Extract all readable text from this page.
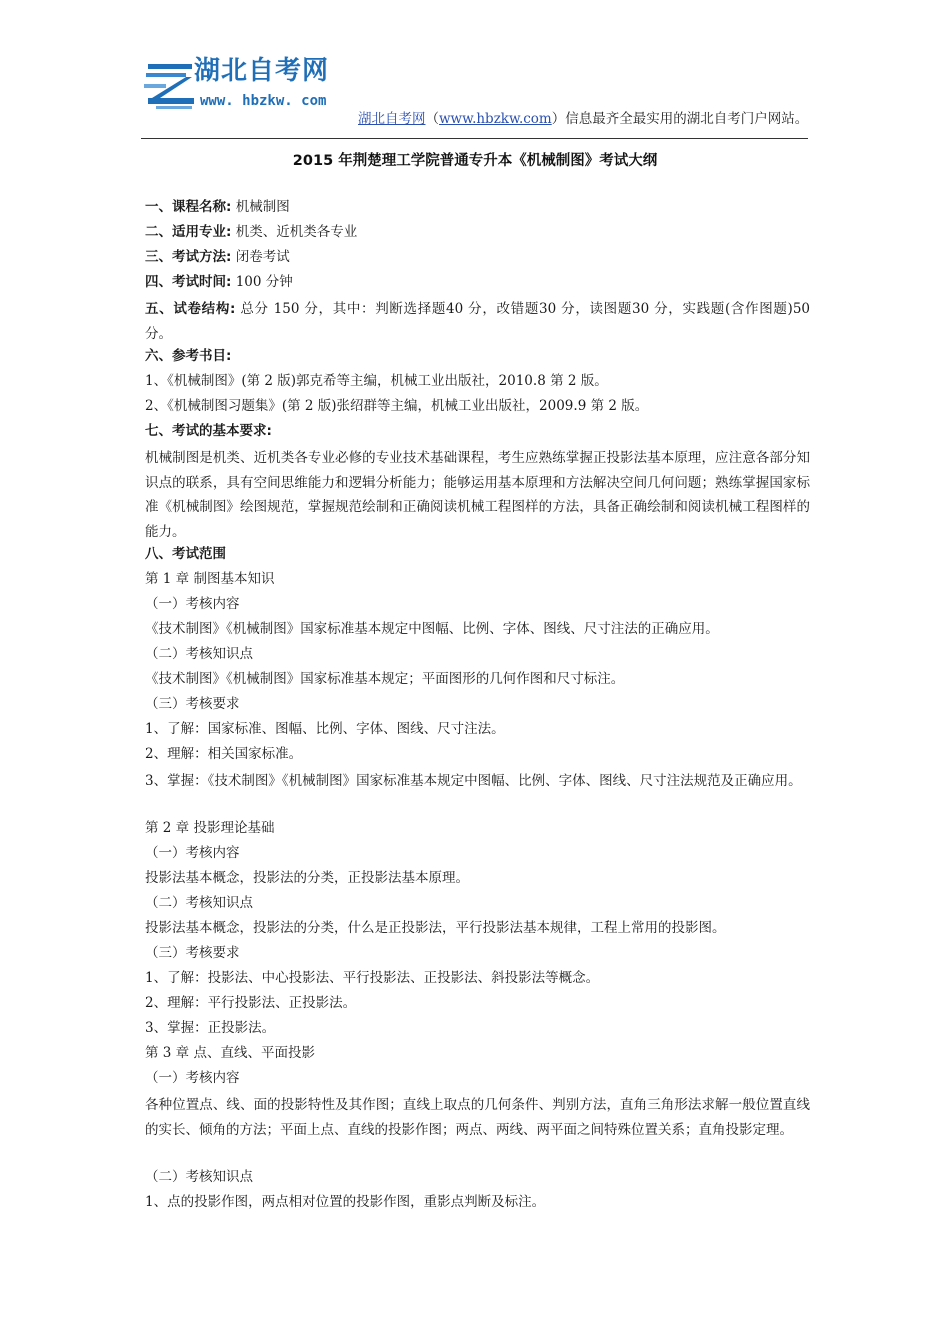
湖北自考网
www. hbzkw. com
湖北自考网（www.hbzkw.com）信息最齐全最实用的湖北自考门户网站。
2015 年荆楚理工学院普通专升本《机械制图》考试大纲
一、课程名称: 机械制图
二、适用专业: 机类、近机类各专业
三、考试方法: 闭卷考试
四、考试时间: 100 分钟
五、试卷结构: 总分 150 分，其中：判断选择题40 分，改错题30 分，读图题30 分，实践题(含作图题)50 分。
六、参考书目:
1、《机械制图》(第 2 版)郭克希等主编，机械工业出版社，2010.8 第 2 版。
2、《机械制图习题集》(第 2 版)张绍群等主编，机械工业出版社，2009.9 第 2 版。
七、考试的基本要求:
机械制图是机类、近机类各专业必修的专业技术基础课程，考生应熟练掌握正投影法基本原理，应注意各部分知识点的联系，具有空间思维能力和逻辑分析能力；能够运用基本原理和方法解决空间几何问题；熟练掌握国家标准《机械制图》绘图规范，掌握规范绘制和正确阅读机械工程图样的方法，具备正确绘制和阅读机械工程图样的能力。
八、考试范围
第 1 章 制图基本知识
（一）考核内容
《技术制图》《机械制图》国家标准基本规定中图幅、比例、字体、图线、尺寸注法的正确应用。
（二）考核知识点
《技术制图》《机械制图》国家标准基本规定；平面图形的几何作图和尺寸标注。
（三）考核要求
1、了解：国家标准、图幅、比例、字体、图线、尺寸注法。
2、理解：相关国家标准。
3、掌握：《技术制图》《机械制图》国家标准基本规定中图幅、比例、字体、图线、尺寸注法规范及正确应用。
第 2 章 投影理论基础
（一）考核内容
投影法基本概念，投影法的分类，正投影法基本原理。
（二）考核知识点
投影法基本概念，投影法的分类，什么是正投影法，平行投影法基本规律，工程上常用的投影图。
（三）考核要求
1、了解：投影法、中心投影法、平行投影法、正投影法、斜投影法等概念。
2、理解：平行投影法、正投影法。
3、掌握：正投影法。
第 3 章 点、直线、平面投影
（一）考核内容
各种位置点、线、面的投影特性及其作图；直线上取点的几何条件、判别方法，直角三角形法求解一般位置直线的实长、倾角的方法；平面上点、直线的投影作图；两点、两线、两平面之间特殊位置关系；直角投影定理。
（二）考核知识点
1、点的投影作图，两点相对位置的投影作图，重影点判断及标注。
